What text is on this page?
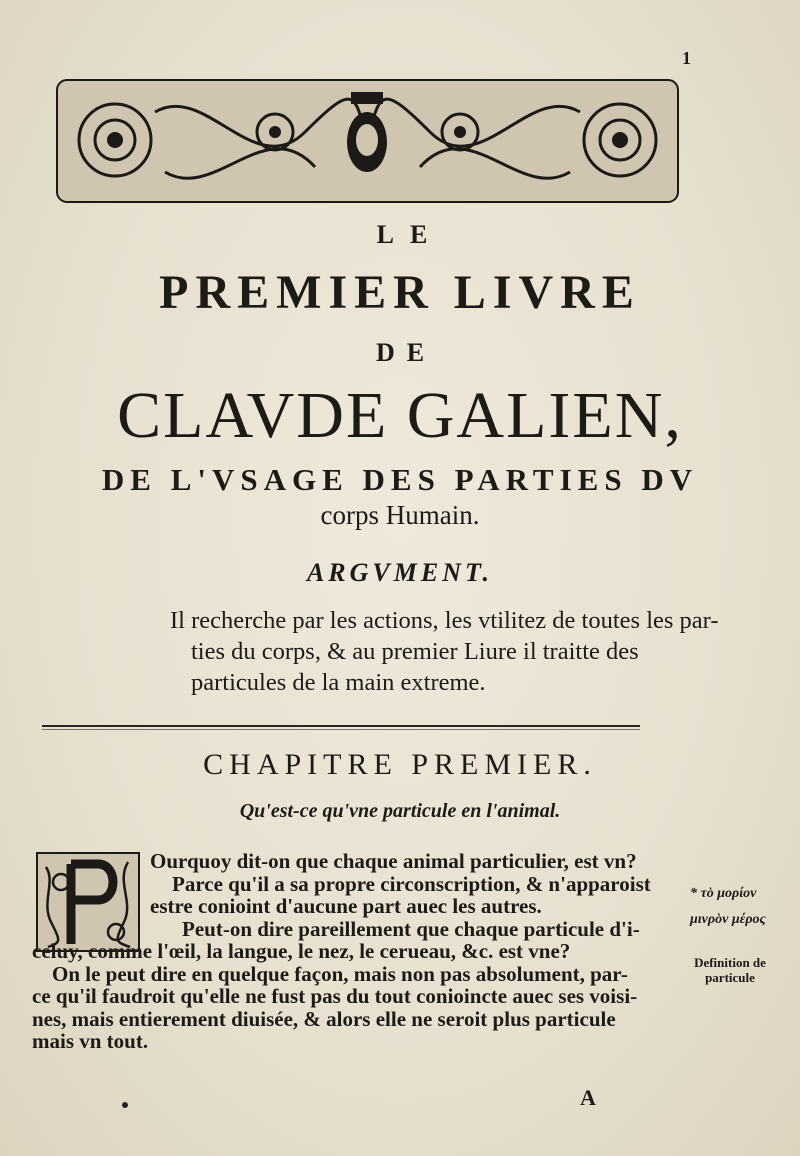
1
LE
PREMIER LIVRE
DE
CLAVDE GALIEN,
DE L'VSAGE DES PARTIES DV
corps Humain.
ARGVMENT.
Il recherche par les actions, les vtilitez de toutes les par-
ties du corps, & au premier Liure il traitte des
particules de la main extreme.
CHAPITRE PREMIER.
Qu'est-ce qu'vne particule en l'animal.
Ourquoy dit-on que chaque animal particulier, est vn?
Parce qu'il a sa propre circonscription, & n'apparoist
estre conioint d'aucune part auec les autres.
Peut-on dire pareillement que chaque particule d'i-
celuy, comme l'œil, la langue, le nez, le cerueau, &c. est vne?
On le peut dire en quelque façon, mais non pas absolument, par-
ce qu'il faudroit qu'elle ne fust pas du tout conioincte auec ses voisi-
nes, mais entierement diuisée, & alors elle ne seroit plus particule
mais vn tout.
* τὸ μορίον
μινρὸν μέρος
Definition de particule
A
